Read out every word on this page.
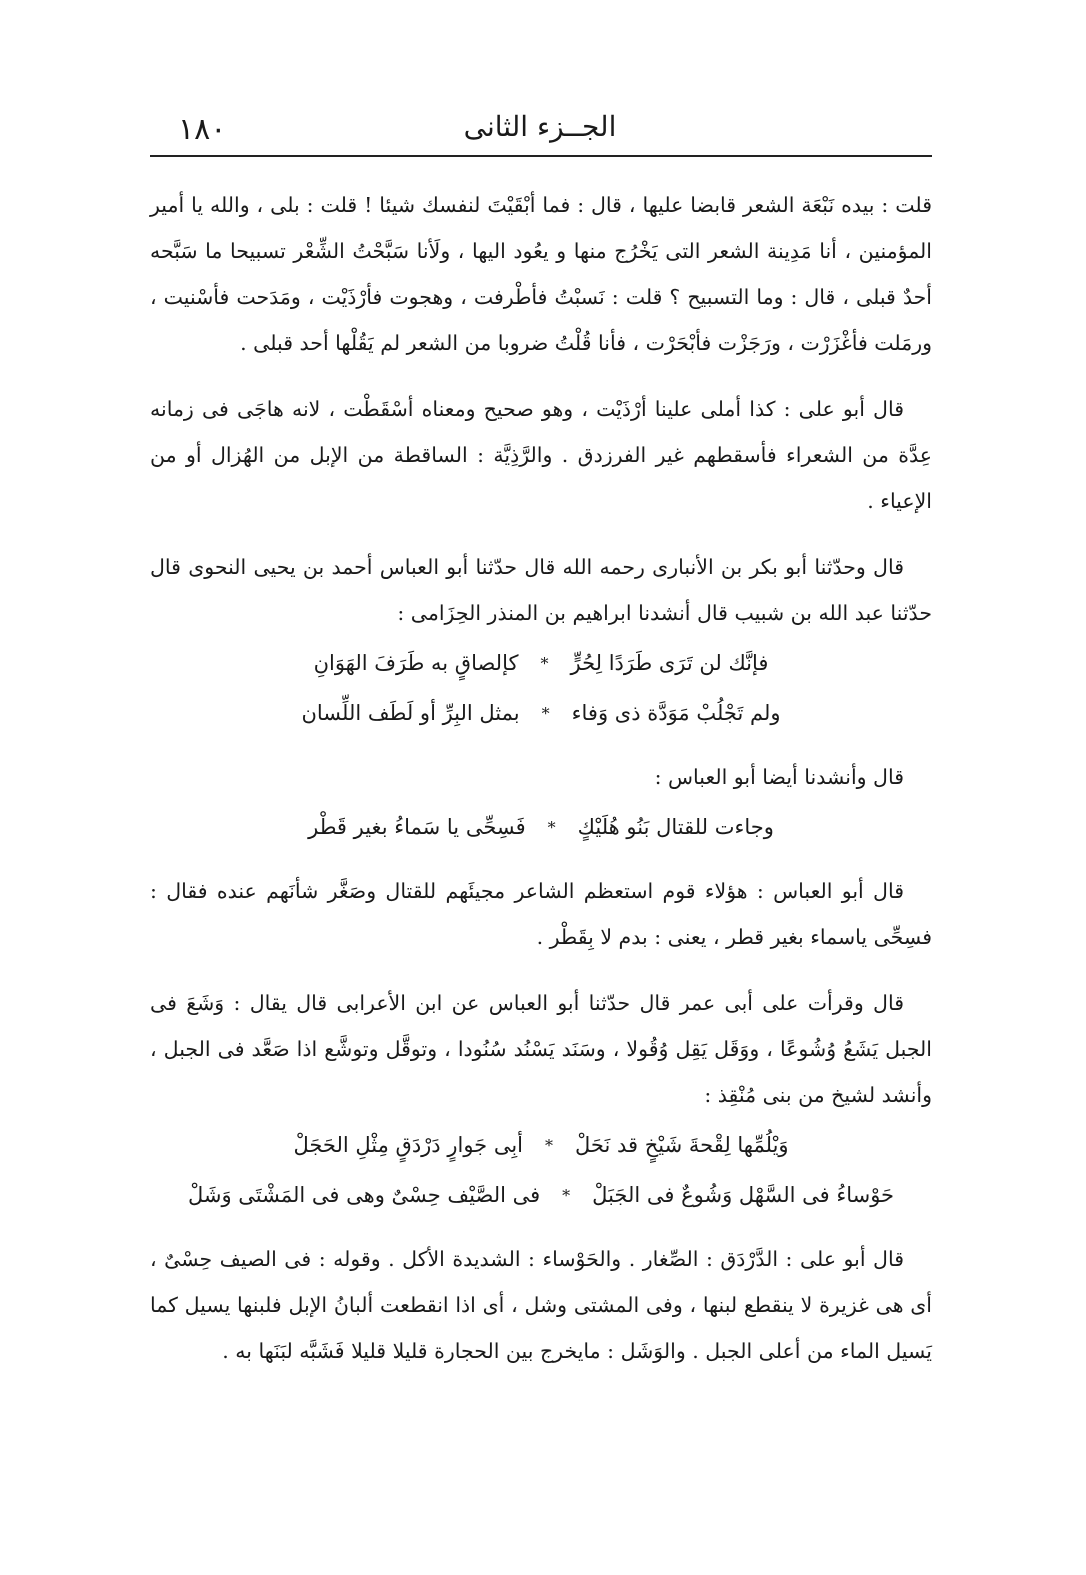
١٨٠	الجــزء الثانى

قلت : بيده نَبْعَة الشعر قابضا عليها ، قال : فما أبْقَيْتَ لنفسك شيئا ! قلت : بلى ، والله يا أمير المؤمنين ، أنا مَدِينة الشعر التى يَخْرُج منها و يعُود اليها ، ولَأنا سَبَّحْتُ الشِّعْر تسبيحا ما سَبَّحه أحدٌ قبلى ، قال : وما التسبيح ؟ قلت : نَسبْتُ فأطْرفت ، وهجوت فأرْذَيْت ، ومَدَحت فأسْنيت ، ورمَلت فأغْزَرْت ، ورَجَزْت فأبْحَرْت ، فأنا قُلْتُ ضروبا من الشعر لم يَقُلْها أحد قبلى .

قال أبو على : كذا أملى علينا أرْذَيْت ، وهو صحيح ومعناه أسْقَطْت ، لانه هاجَى فى زمانه عِدَّة من الشعراء فأسقطهم غير الفرزدق . والرَّذِيَّة : الساقطة من الإبل من الهُزال أو من الإعياء .

قال وحدّثنا أبو بكر بن الأنبارى رحمه الله قال حدّثنا أبو العباس أحمد بن يحيى النحوى قال حدّثنا عبد الله بن شبيب قال أنشدنا ابراهيم بن المنذر الحِزَامى :

فإنَّك لن تَرَى طَرَدًا لِحُرٍّ
*
كإلصاقٍ به طَرَفَ الهَوَانِ
ولم تَجْلُبْ مَوَدَّة ذى وَفاء
*
بمثل البِرِّ أو لَطَف اللِّسان

قال وأنشدنا أيضا أبو العباس :

وجاءت للقتال بَنُو هُلَيْكٍ
*
فَسِحِّى يا سَماءُ بغير قَطْر

قال أبو العباس : هؤلاء قوم استعظم الشاعر مجيئَهم للقتال وصَغَّر شأنَهم عنده فقال : فسِحِّى ياسماء بغير قطر ، يعنى : بدم لا بِقَطْر .

قال وقرأت على أبى عمر قال حدّثنا أبو العباس عن ابن الأعرابى قال يقال : وَشَعَ فى الجبل يَشَعُ وُشُوعًا ، ووَقَل يَقِل وُقُولا ، وسَنَد يَسْنُد سُنُودا ، وتوقَّل وتوشَّع اذا صَعَّد فى الجبل ، وأنشد لشيخ من بنى مُنْقِذ :

وَيْلُمِّها لِقْحةَ شَيْخٍ قد نَحَلْ
*
أبِى جَوارٍ دَرْدَقٍ مِثْلِ الحَجَلْ
حَوْساءُ فى السَّهْل وَشُوعٌ فى الجَبَلْ
*
فى الصَّيْف حِسْىٌ وهى فى المَشْتَى وَشَلْ

قال أبو على : الدَّرْدَق : الصِّغار . والحَوْساء : الشديدة الأكل . وقوله : فى الصيف حِسْىٌ ، أى هى غزيرة لا ينقطع لبنها ، وفى المشتى وشل ، أى اذا انقطعت ألبانُ الإبل فلبنها يسيل كما يَسيل الماء من أعلى الجبل . والوَشَل : مايخرج بين الحجارة قليلا قليلا فَشَبَّه لبَنَها به .
